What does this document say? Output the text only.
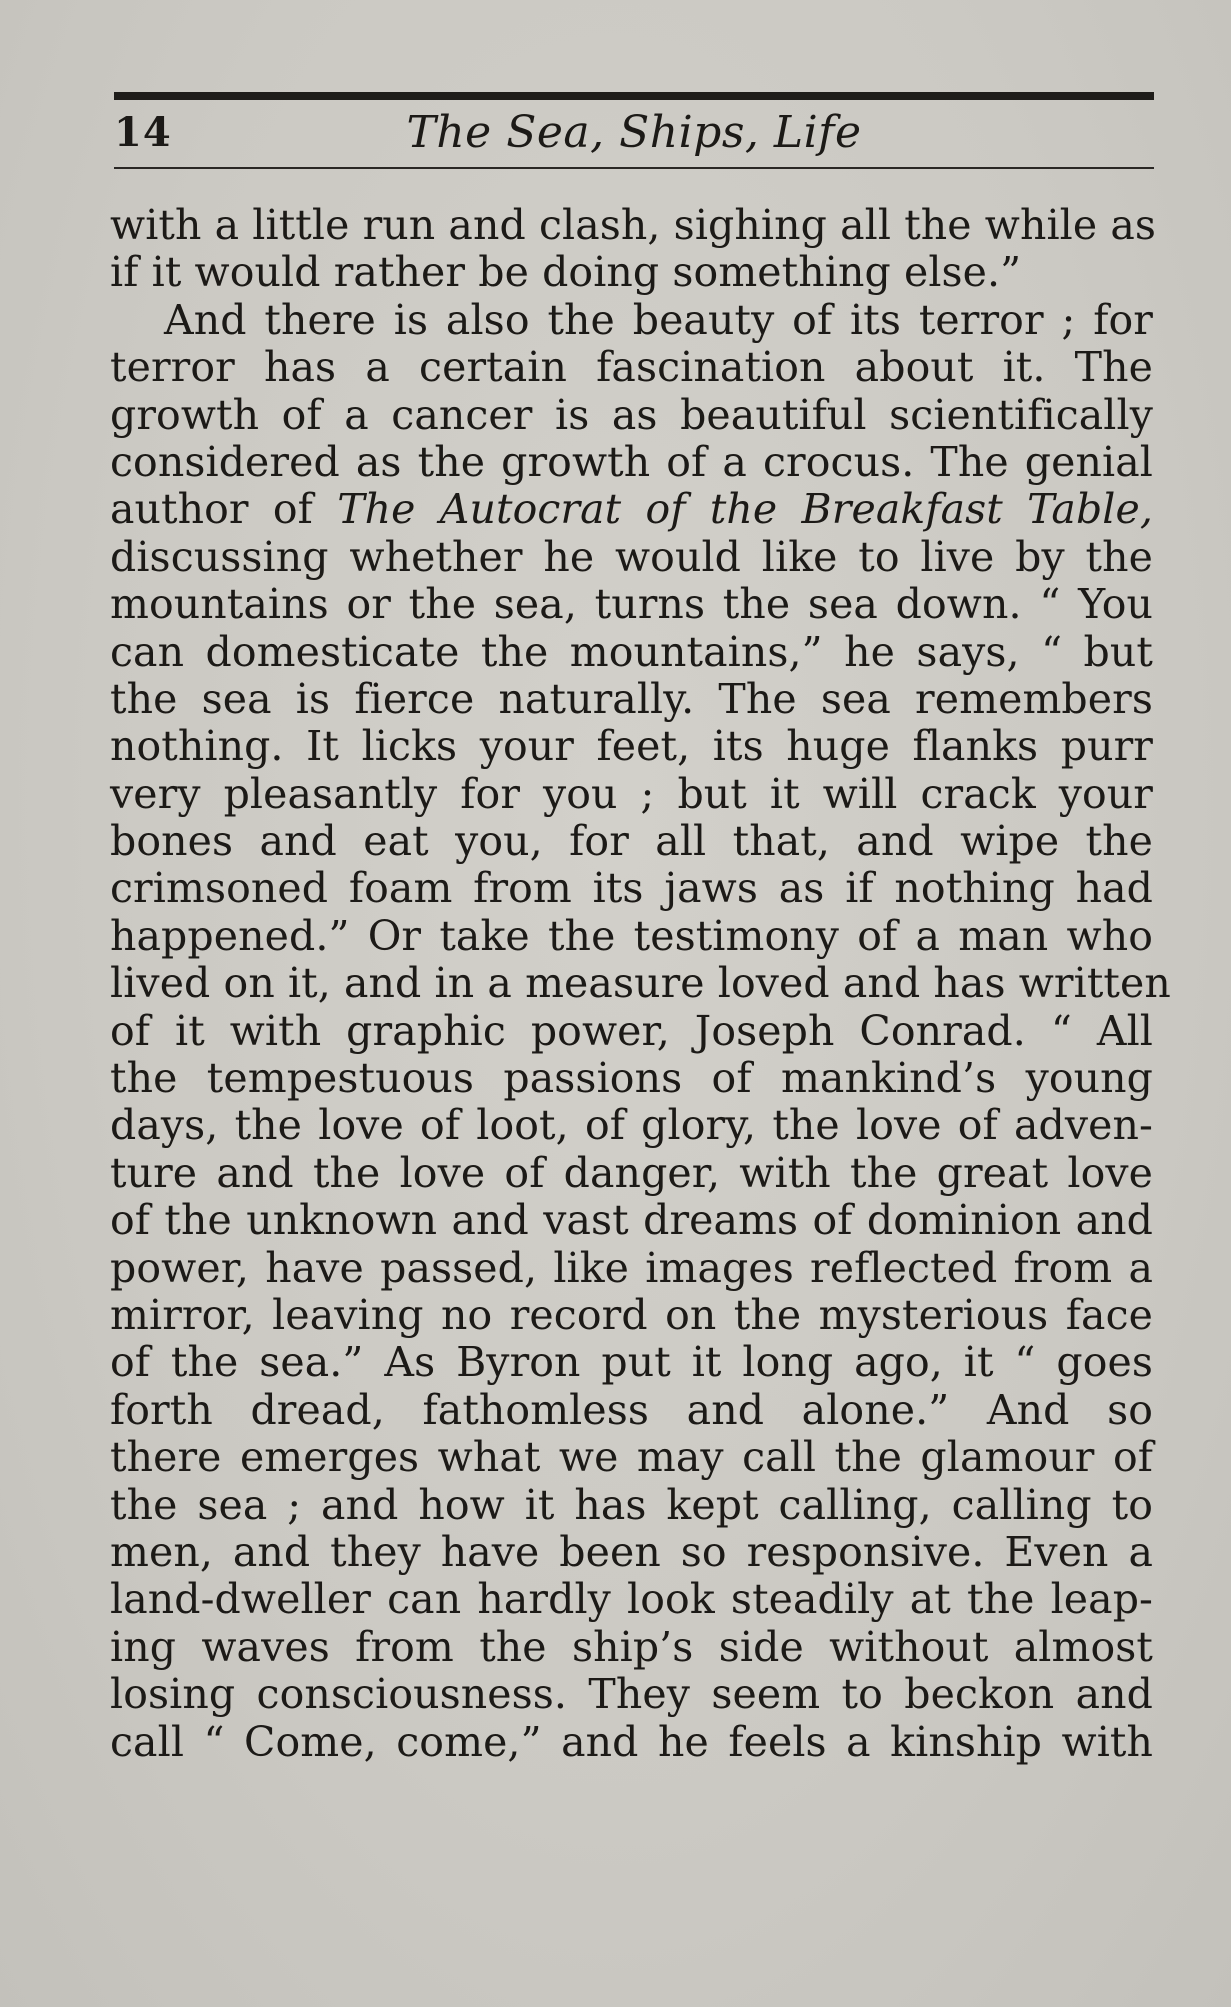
14	The Sea, Ships, Life
with a little run and clash, sighing all the while as
if it would rather be doing something else.”
And there is also the beauty of its terror ; for
terror has a certain fascination about it. The
growth of a cancer is as beautiful scientifically
considered as the growth of a crocus. The genial
author of The Autocrat of the Breakfast Table,
discussing whether he would like to live by the
mountains or the sea, turns the sea down. “ You
can domesticate the mountains,” he says, “ but
the sea is fierce naturally. The sea remembers
nothing. It licks your feet, its huge flanks purr
very pleasantly for you ; but it will crack your
bones and eat you, for all that, and wipe the
crimsoned foam from its jaws as if nothing had
happened.” Or take the testimony of a man who
lived on it, and in a measure loved and has written
of it with graphic power, Joseph Conrad. “ All
the tempestuous passions of mankind’s young
days, the love of loot, of glory, the love of adven-
ture and the love of danger, with the great love
of the unknown and vast dreams of dominion and
power, have passed, like images reflected from a
mirror, leaving no record on the mysterious face
of the sea.” As Byron put it long ago, it “ goes
forth dread, fathomless and alone.” And so
there emerges what we may call the glamour of
the sea ; and how it has kept calling, calling to
men, and they have been so responsive. Even a
land-dweller can hardly look steadily at the leap-
ing waves from the ship’s side without almost
losing consciousness. They seem to beckon and
call “ Come, come,” and he feels a kinship with
